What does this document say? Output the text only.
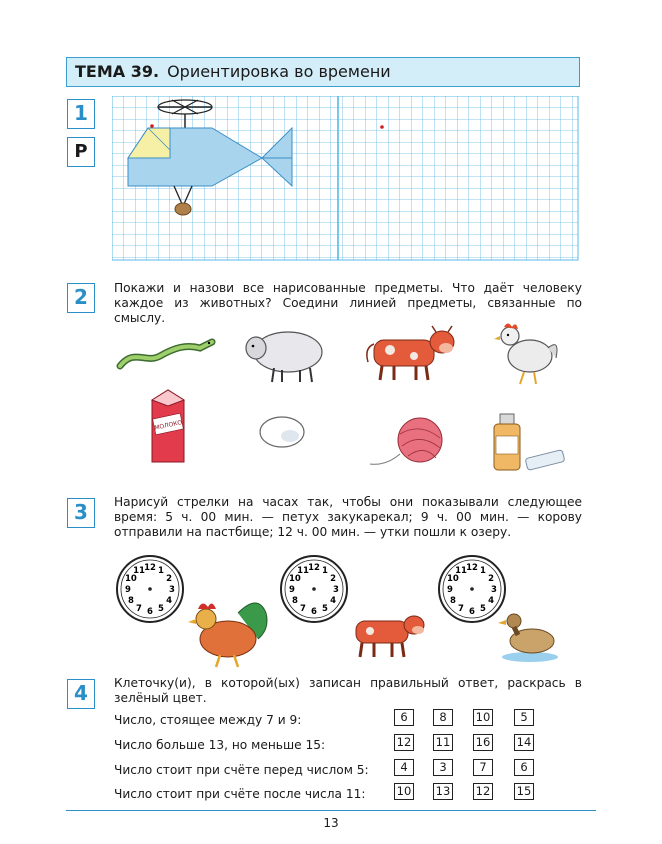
ТЕМА 39. Ориентировка во времени
1
Р
2	Покажи и назови все нарисованные предметы. Что даёт человеку каждое из животных? Соедини линией предметы, связанные по смыслу.
МОЛОКО
3	Нарисуй стрелки на часах так, чтобы они показывали следующее время: 5 ч. 00 мин. — петух закукарекал; 9 ч. 00 мин. — корову отправили на пастбище; 12 ч. 00 мин. — утки пошли к озеру.
12 1
2
3
4
5
6
7
8
9
10
11	12 1
2
3
4
5
6
7
8
9
10
11	12 1
2
3
4
5
6
7
8
9
10
11
4	Клеточку(и), в которой(ых) записан правильный ответ, раскрась в зелёный цвет.
Число, стоящее между 7 и 9:	6	8	10	5
Число больше 13, но меньше 15:	12 11 16 14
Число стоит при счёте перед числом 5:	4	3	7	6
Число стоит при счёте после числа 11:	10 13 12 15
13
